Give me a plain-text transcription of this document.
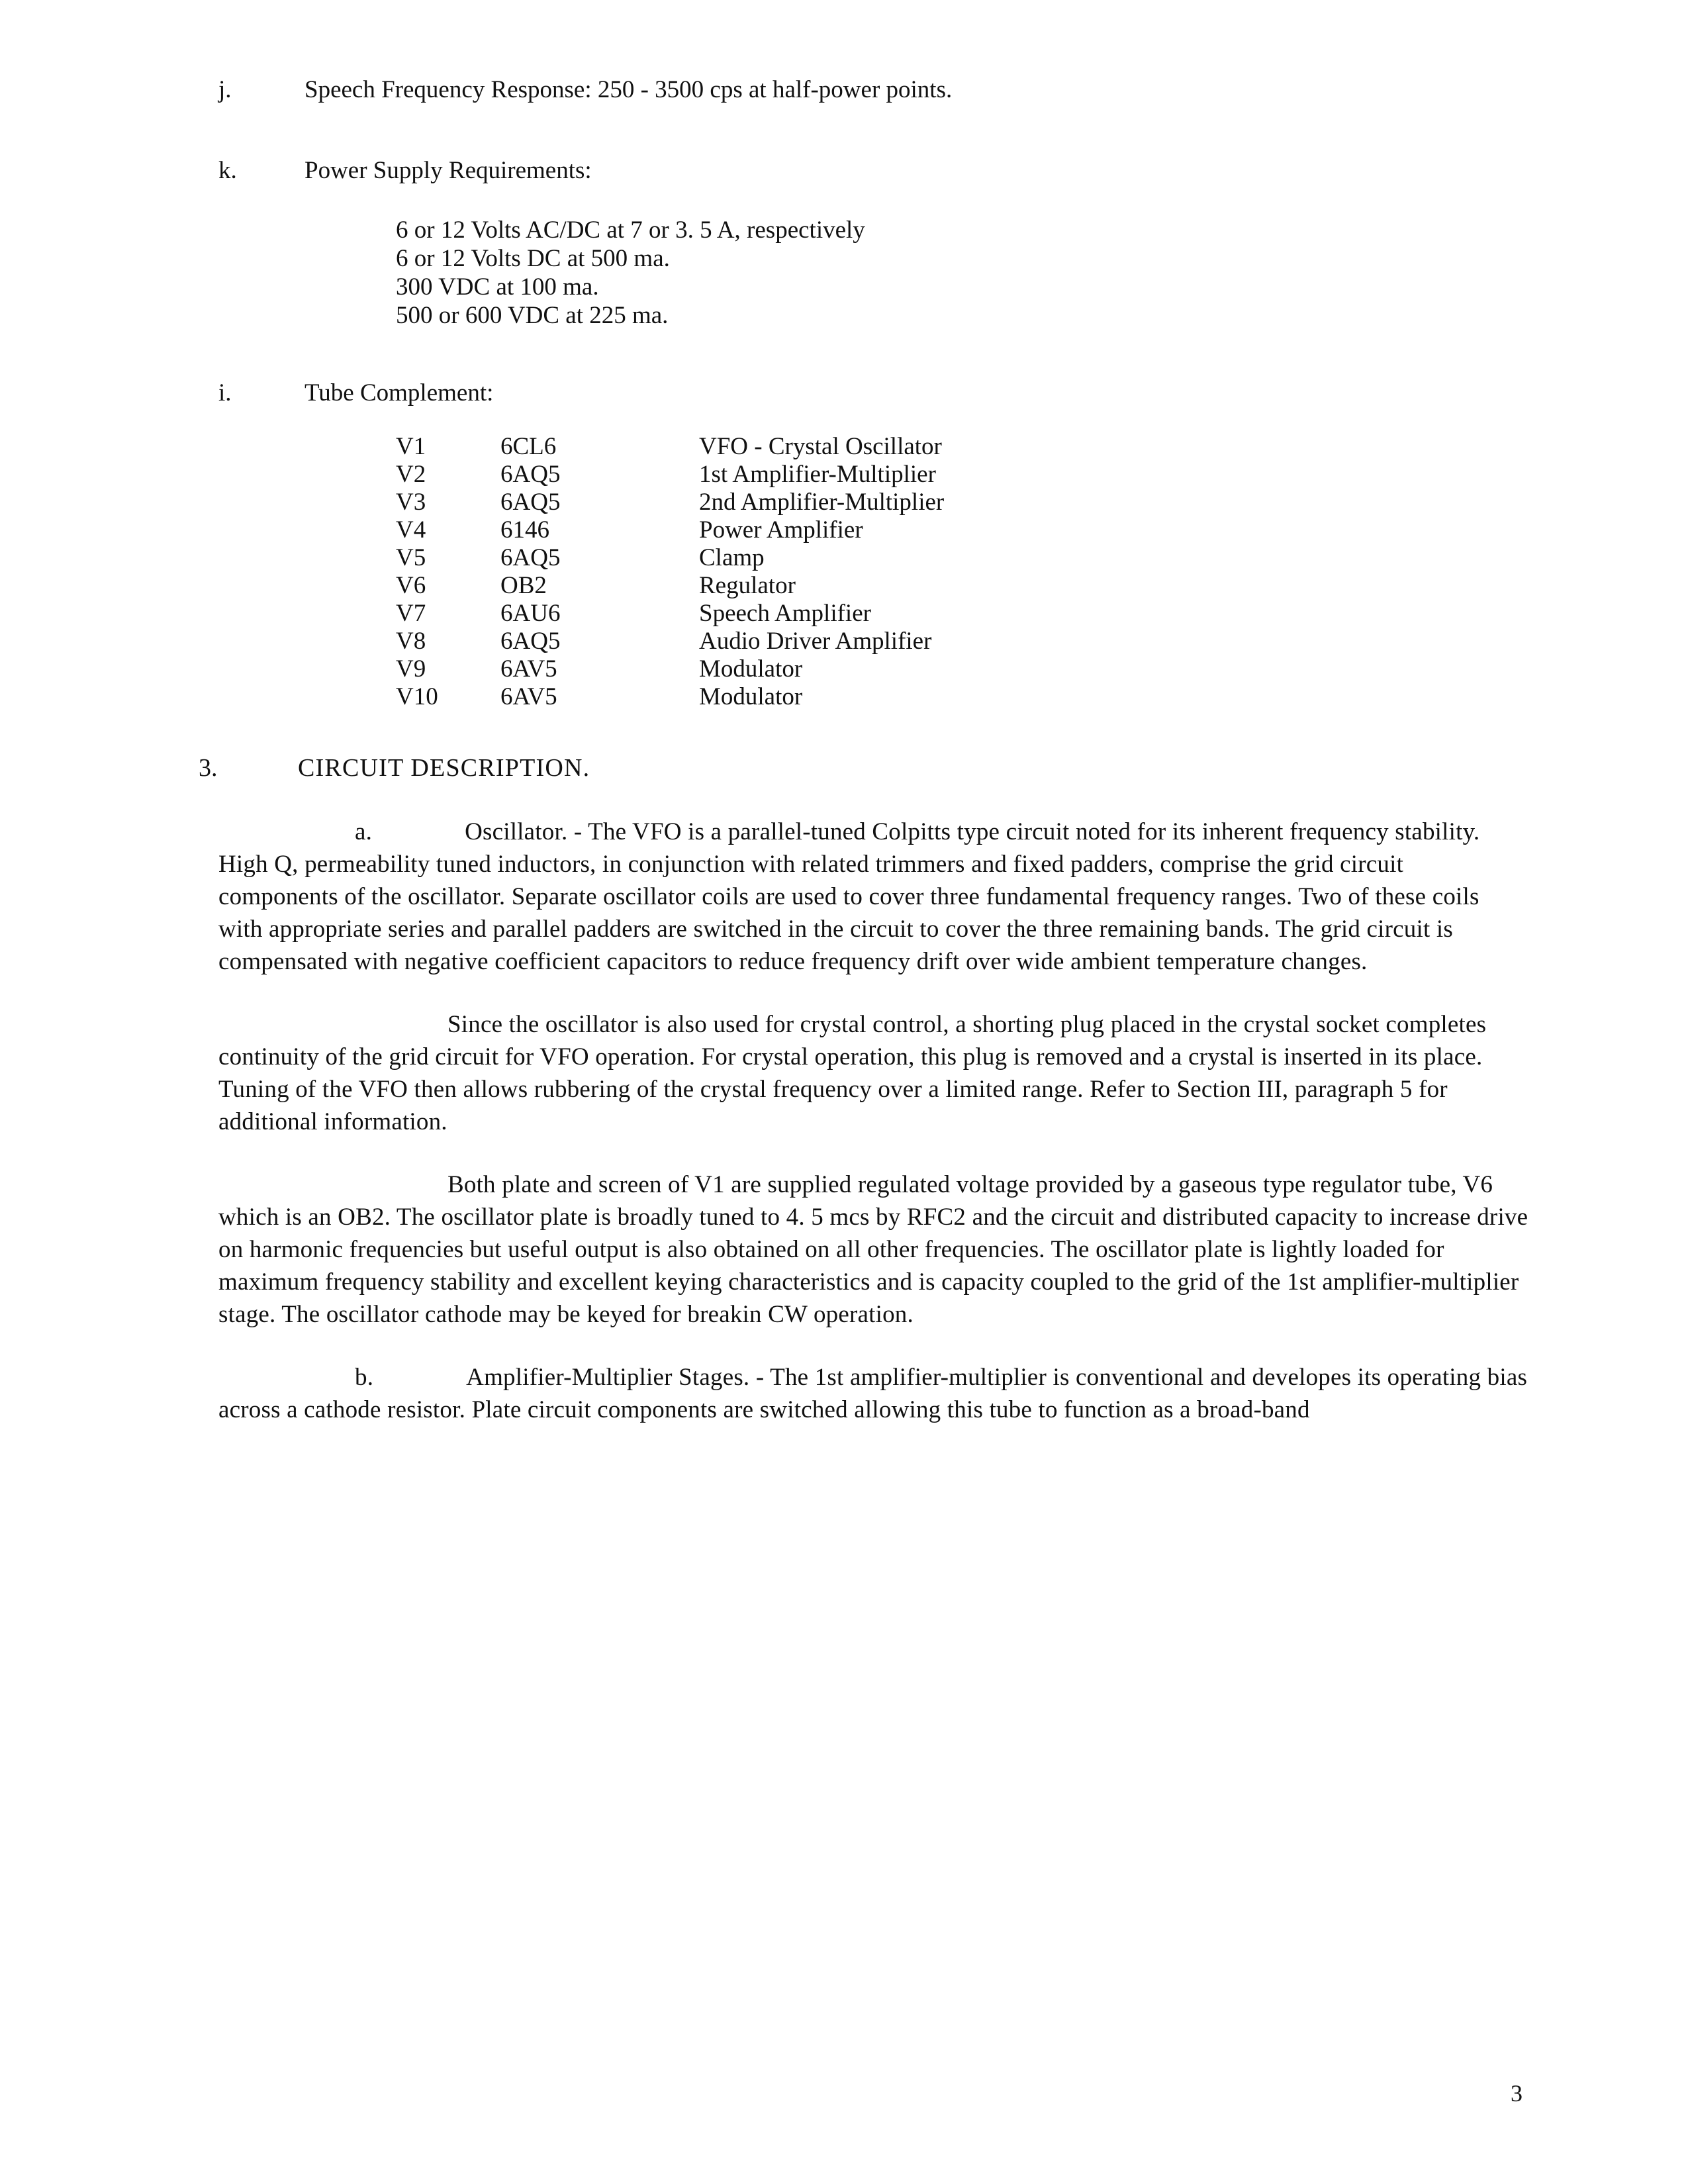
j.	Speech Frequency Response: 250 - 3500 cps at half-power points.
k.	Power Supply Requirements:
6 or 12 Volts AC/DC at 7 or 3. 5 A, respectively
6 or 12 Volts DC at 500 ma.
300 VDC at 100 ma.
500 or 600 VDC at 225 ma.
i.	Tube Complement:
V1	6CL6	VFO - Crystal Oscillator
V2	6AQ5	1st Amplifier-Multiplier
V3	6AQ5	2nd Amplifier-Multiplier
V4	6146	Power Amplifier
V5	6AQ5	Clamp
V6	OB2	Regulator
V7	6AU6	Speech Amplifier
V8	6AQ5	Audio Driver Amplifier
V9	6AV5	Modulator
V10	6AV5	Modulator
3.	CIRCUIT DESCRIPTION.
a.	Oscillator. - The VFO is a parallel-tuned Colpitts type circuit noted for its inherent frequency stability. High Q, permeability tuned inductors, in conjunction with related trimmers and fixed padders, comprise the grid circuit components of the oscillator. Separate oscillator coils are used to cover three fundamental frequency ranges. Two of these coils with appropriate series and parallel padders are switched in the circuit to cover the three remaining bands. The grid circuit is compensated with negative coefficient capacitors to reduce frequency drift over wide ambient temperature changes.
Since the oscillator is also used for crystal control, a shorting plug placed in the crystal socket completes continuity of the grid circuit for VFO operation. For crystal operation, this plug is removed and a crystal is inserted in its place. Tuning of the VFO then allows rubbering of the crystal frequency over a limited range. Refer to Section III, paragraph 5 for additional information.
Both plate and screen of V1 are supplied regulated voltage provided by a gaseous type regulator tube, V6 which is an OB2. The oscillator plate is broadly tuned to 4. 5 mcs by RFC2 and the circuit and distributed capacity to increase drive on harmonic frequencies but useful output is also obtained on all other frequencies. The oscillator plate is lightly loaded for maximum frequency stability and excellent keying characteristics and is capacity coupled to the grid of the 1st amplifier-multiplier stage. The oscillator cathode may be keyed for breakin CW operation.
b.	Amplifier-Multiplier Stages. - The 1st amplifier-multiplier is conventional and developes its operating bias across a cathode resistor. Plate circuit components are switched allowing this tube to function as a broad-band
3
